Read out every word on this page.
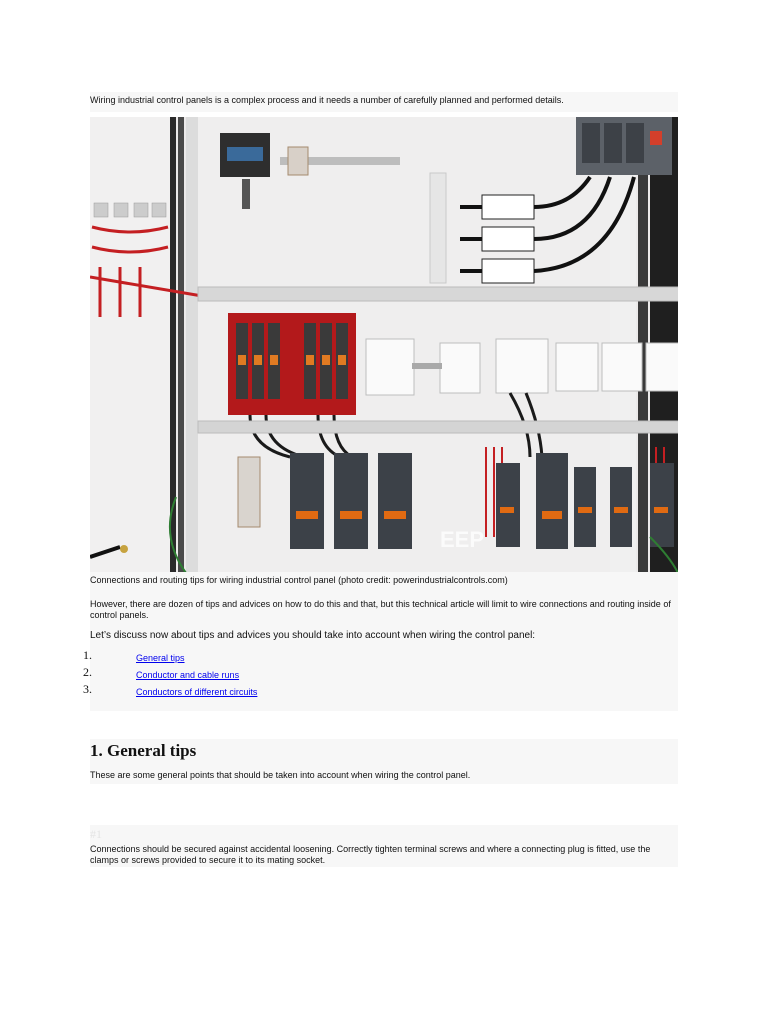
Wiring industrial control panels is a complex process and it needs a number of carefully planned and performed details.

EEP

Connections and routing tips for wiring industrial control panel (photo credit: powerindustrialcontrols.com)

However, there are dozen of tips and advices on how to do this and that, but this technical article will limit to wire connections and routing inside of control panels.

Let’s discuss now about tips and advices you should take into account when wiring the control panel:

1.	General tips
2.	Conductor and cable runs
3.	Conductors of different circuits
1. General tips

These are some general points that should be taken into account when wiring the control panel.

#1

Connections should be secured against accidental loosening. Correctly tighten terminal screws and where a connecting plug is fitted, use the clamps or screws provided to secure it to its mating socket.
